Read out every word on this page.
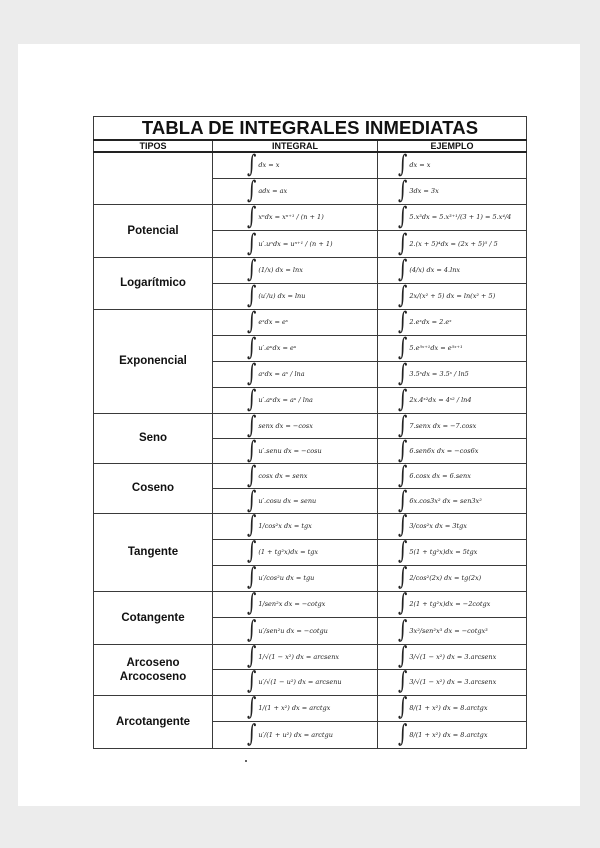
TABLA DE INTEGRALES INMEDIATAS		
TIPOS	INTEGRAL	EJEMPLO

	∫ dx = x	∫ dx = x

	∫ adx = ax	∫ 3dx = 3x

Potencial	∫ xⁿdx = xⁿ⁺¹ / (n + 1)	∫ 5.x³dx = 5.x³⁺¹/(3 + 1) = 5.x⁴/4

	∫ u′.uⁿdx = uⁿ⁺¹ / (n + 1)	∫ 2.(x + 5)⁴dx = (2x + 5)⁵ / 5

Logarítmico	∫ (1/x) dx = lnx	∫ (4/x) dx = 4.lnx

	∫ (u′/u) dx = lnu	∫ 2x/(x² + 5) dx = ln(x² + 5)

Exponencial	∫ eˣdx = eˣ	∫ 2.eˣdx = 2.eˣ

	∫ u′.eᵘdx = eᵘ	∫ 5.e⁵ˣ⁺¹dx = e⁵ˣ⁺¹

	∫ aˣdx = aˣ / lna	∫ 3.5ˣdx = 3.5ˣ / ln5

	∫ u′.aᵘdx = aᵘ / lna	∫ 2x.4ˣ²dx = 4ˣ² / ln4

Seno	∫ senx dx = −cosx	∫ 7.senx dx = −7.cosx

	∫ u′.senu dx = −cosu	∫ 6.sen6x dx = −cos6x

Coseno	∫ cosx dx = senx	∫ 6.cosx dx = 6.senx

	∫ u′.cosu dx = senu	∫ 6x.cos3x² dx = sen3x²

Tangente	∫ 1/cos²x dx = tgx	∫ 3/cos²x dx = 3tgx

	∫ (1 + tg²x)dx = tgx	∫ 5(1 + tg²x)dx = 5tgx

	∫ u′/cos²u dx = tgu	∫ 2/cos²(2x) dx = tg(2x)

Cotangente	∫ 1/sen²x dx = −cotgx	∫ 2(1 + tg²x)dx = −2cotgx

	∫ u′/sen²u dx = −cotgu	∫ 3x²/sen²x³ dx = −cotgx³

Arcoseno Arcocoseno	∫ 1/√(1 − x²) dx = arcsenx	∫ 3/√(1 − x²) dx = 3.arcsenx

	∫ u′/√(1 − u²) dx = arcsenu	∫ 3/√(1 − x²) dx = 3.arcsenx

Arcotangente	∫ 1/(1 + x²) dx = arctgx	∫ 8/(1 + x²) dx = 8.arctgx

	∫ u′/(1 + u²) dx = arctgu	∫ 8/(1 + x²) dx = 8.arctgx
